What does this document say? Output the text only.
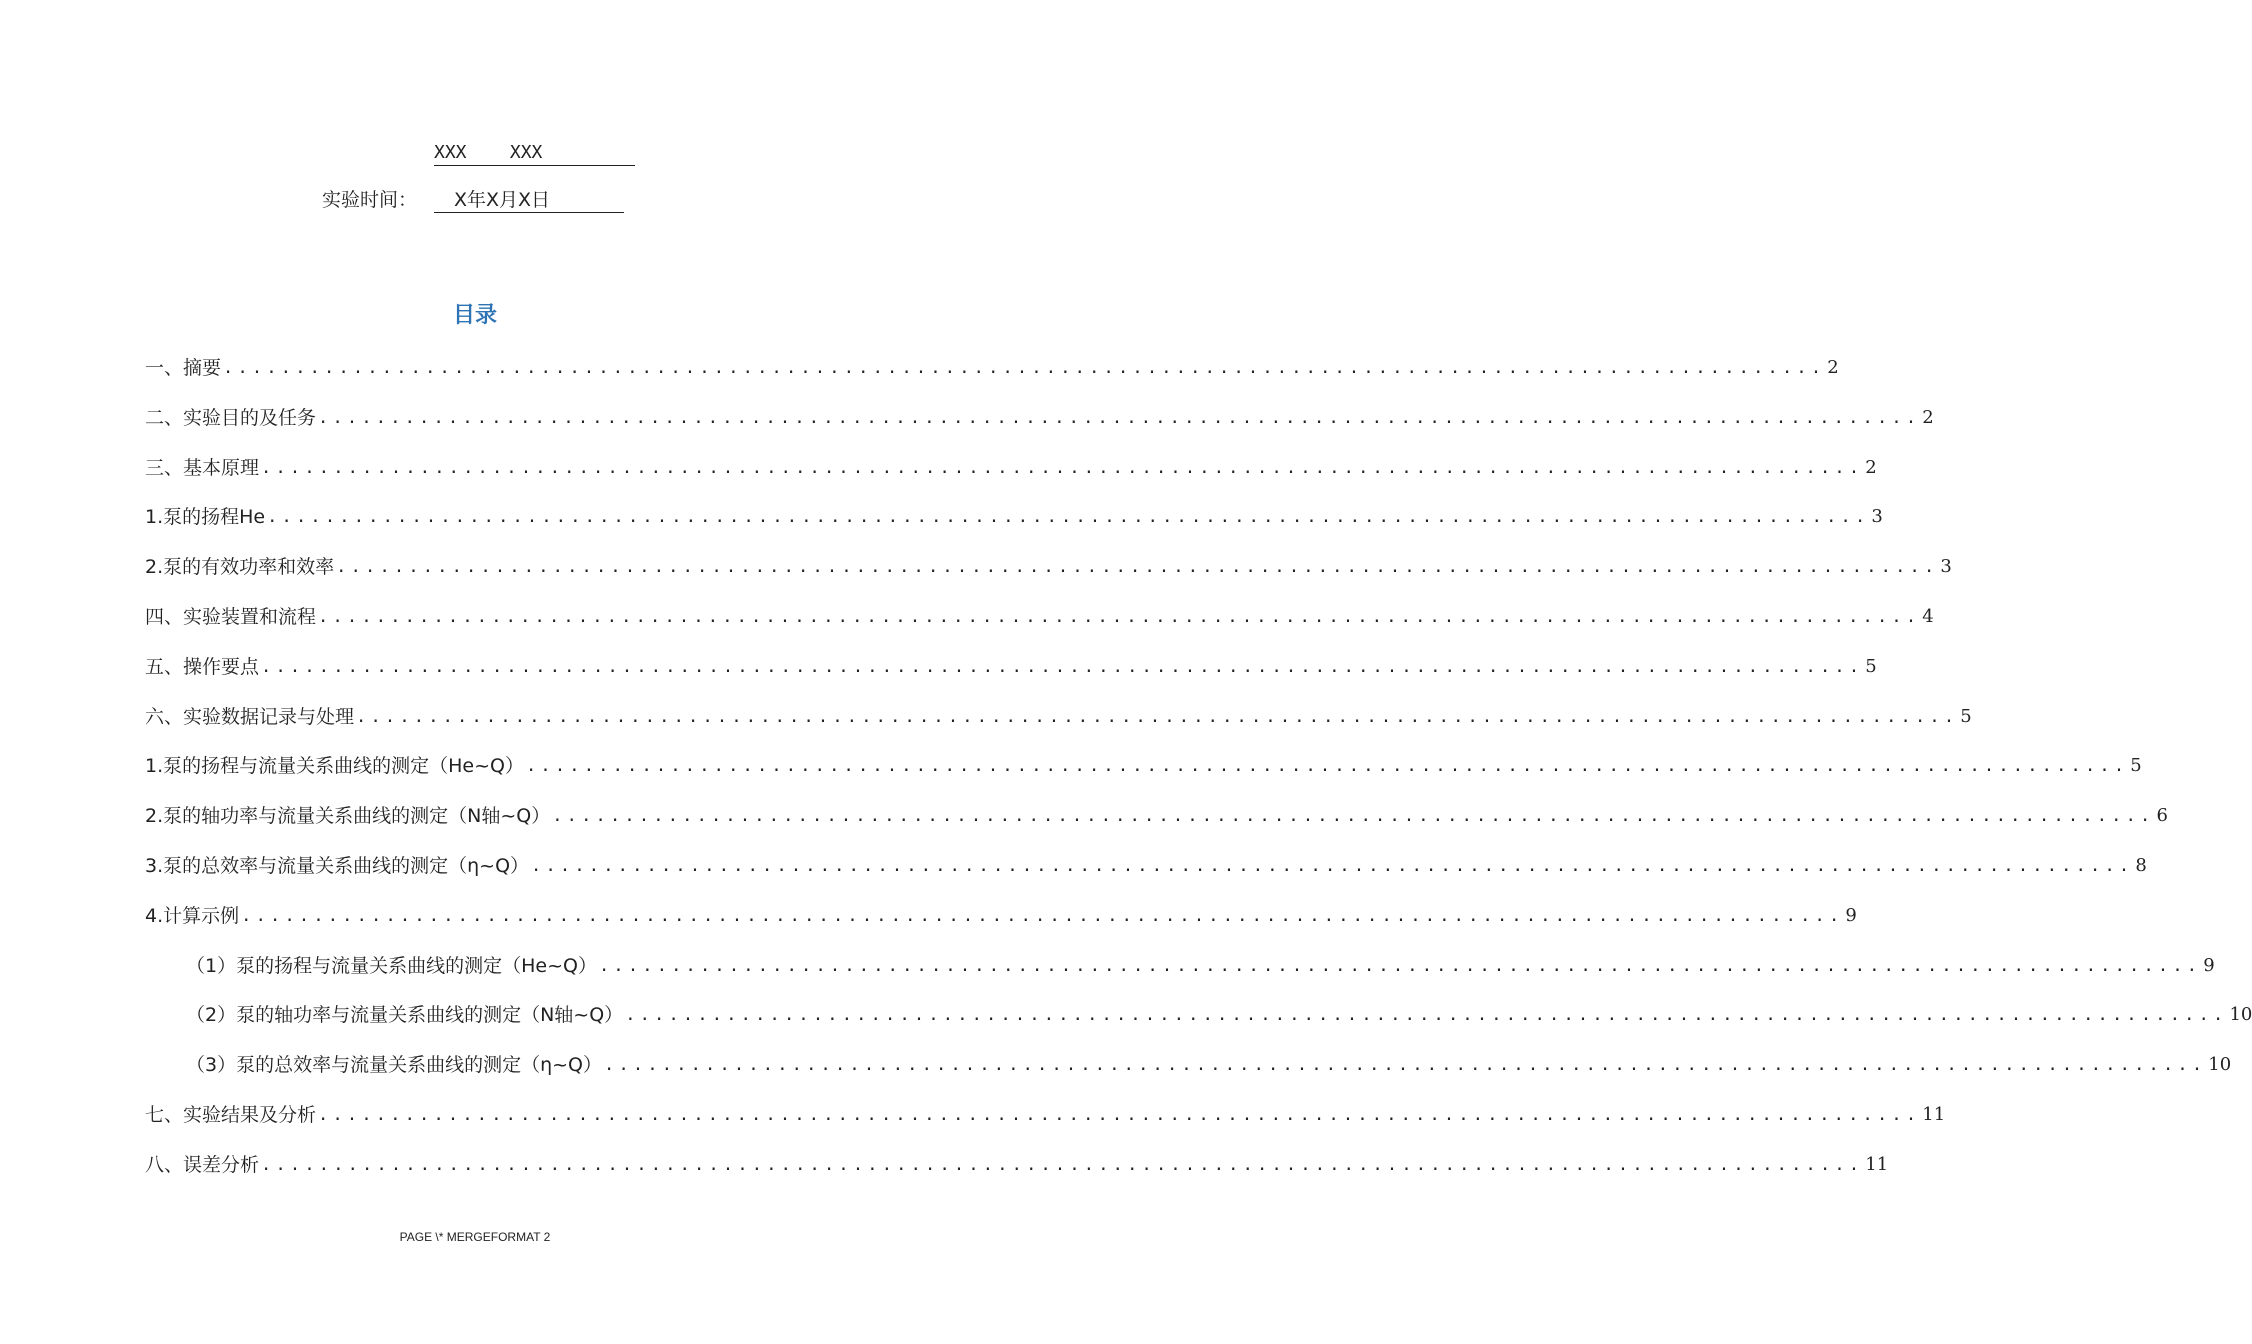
XXX    XXX
实验时间：	X年X月X日
目录
一、摘要 ............................................................................................................... 2
二、实验目的及任务 ............................................................................................................... 2
三、基本原理 ............................................................................................................... 2
1.泵的扬程He ............................................................................................................... 3
2.泵的有效功率和效率 ............................................................................................................... 3
四、实验装置和流程 ............................................................................................................... 4
五、操作要点 ............................................................................................................... 5
六、实验数据记录与处理 ............................................................................................................... 5
1.泵的扬程与流量关系曲线的测定（He~Q） ............................................................................................................... 5
2.泵的轴功率与流量关系曲线的测定（N轴~Q） ............................................................................................................... 6
3.泵的总效率与流量关系曲线的测定（η~Q） ............................................................................................................... 8
4.计算示例 ............................................................................................................... 9
（1）泵的扬程与流量关系曲线的测定（He~Q） ............................................................................................................... 9
（2）泵的轴功率与流量关系曲线的测定（N轴~Q） ............................................................................................................... 10
（3）泵的总效率与流量关系曲线的测定（η~Q） ............................................................................................................... 10
七、实验结果及分析 ............................................................................................................... 11
八、误差分析 ............................................................................................................... 11
PAGE \* MERGEFORMAT 2
